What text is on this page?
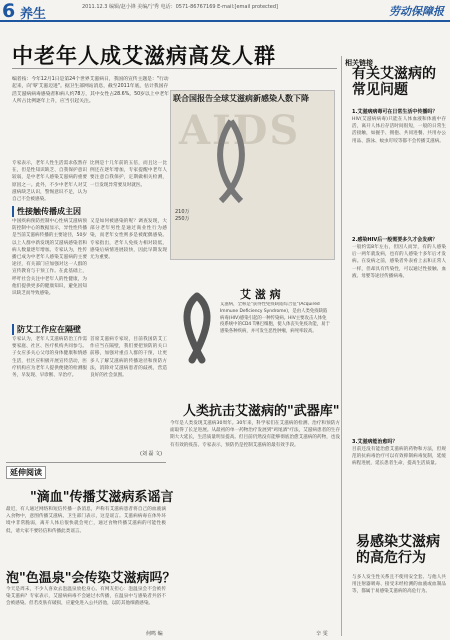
6 养生	2011.12.3 编辑/赵小锋 美编/宁秀 电话：0571-86767169 E-mail:[email protected]	劳动保障报
中老年人成艾滋病高发人群
编者按：今年12月1日是第24个世界艾滋病日，我国的宣传主题是："行动起来，向'零'艾滋迈进"。据卫生部网站消息，截至2011年底，估计我国存活艾滋病病毒感染者和病人约78万，其中女性占28.6%。50岁以上中老年人所占比例逐年上升，应当引起关注。	联合国报告全球艾滋病新感染人数下降
AIDS
210万
250万
专家表示，老年人性生活需求依然存在，但是性知识缺乏、自我保护意识较弱，是中老年人感染艾滋病的重要原因之一。此外，不少中老年人对艾滋病缺乏认识，警惕意识不足，认为自己不会被感染。
比例是十几年前的五倍，而且这一比例还在逐年增加，专家提醒中老年人要注意自我保护，定期做相关检测，一旦发现异常要及时就医。
性接触传播成主因
中国疾病预防控制中心性病艾滋病预防控制中心的数据显示，异性性传播是当前艾滋病传播的主要途径，50岁以上人群中新发现的艾滋病感染者和病人数量逐年增加。专家认为，性传播已成为中老年人感染艾滋病的主要途径，有关部门应加强对这一人群的宣传教育与干预工作。在此基础上，呼吁社会关注中老年人的性健康，为他们提供更多的健康知识，避免因知识缺乏而导致感染。
又是如何被感染的呢？调查发现，大部分老年男性是通过商业性行为感染，而老年女性则多是被配偶感染。专家指出，老年人免疫力相对较低，感染后病情进展较快，因此早期发现尤为重要。
防艾工作应在隔壁
专家认为，老年人艾滋病防治工作需要家庭、社区、医疗机构共同参与。子女应多关心父母的身体健康和情感生活，社区应积极开展宣传活动，医疗机构应为老年人提供便捷的检测服务，早发现、早诊断、早治疗。
首席艾滋病专家说，目前我国防艾工作应当在隔壁，我们要把预防的关口前移，加强对重点人群的干预，让更多人了解艾滋病的传播途径和预防方法，消除对艾滋病患者的歧视，营造良好的社会氛围。
(刘 磊 文)
艾 滋 病
艾滋病，全称是"获得性免疫缺陷综合征"(Acquired Immune Deficiency Syndrome)，是由人类免疫缺陷病毒(HIV)感染引起的一种传染病。HIV主要攻击人体免疫系统中的CD4 T淋巴细胞，使人体丧失免疫功能，易于感染各种疾病，并可发生恶性肿瘤，病死率较高。
人类抗击艾滋病的"武器库"
今年是人类发现艾滋病30周年。30年来，科学家们在艾滋病的检测、治疗和预防方面取得了长足进展。从最初的单一药物治疗发展到"鸡尾酒"疗法，艾滋病患者的生存期大大延长，生活质量明显提高。但目前仍然没有能够彻底治愈艾滋病的药物，也没有有效的疫苗。专家表示，预防仍是控制艾滋病的最有效手段。
辛 雯
相关链接
有关艾滋病的常见问题
1.艾滋病病毒可在日常生活中传播吗？
HIV(艾滋病病毒)只能在人体血液和体液中存活，离开人体后存活时间很短，一般的日常生活接触，如握手、拥抱、共同进餐、共用办公用品、游泳、蚊虫叮咬等都不会传播艾滋病。
2.感染HIV后一般需要多久才会发病？
一般约需8年左右，但因人而异，有的人感染后一两年就发病，也有的人感染十多年后才发病。在发病之前，感染者外表看上去和正常人一样，但却具有传染性，可以通过性接触、血液、母婴等途径传播病毒。
3.艾滋病能治愈吗？
目前还没有能治愈艾滋病的药物和方法，但规范的抗病毒治疗可以有效抑制病毒复制，延缓病程进展，延长患者生命，提高生活质量。
易感染艾滋病的高危行为
与多人发生性关系且不使用安全套、与他人共用注射器吸毒、接受未经检测的血液或血制品等，都属于易感染艾滋病的高危行为。
延伸阅读
"滴血"传播艾滋病系谣言
最近，有人通过网络和短信传播一条消息，声称有艾滋病患者将自己的血液滴入食物中，意图传播艾滋病。卫生部门表示，这是谣言。艾滋病病毒在体外环境中非常脆弱，离开人体后很快就会死亡，通过食物传播艾滋病的可能性极低，请大家不要轻信和传播此类谣言。
泡"色温泉"会传染艾滋病吗？
今天是周末，不少人喜欢去泡温泉放松身心。有网友担心：泡温泉会不会被传染艾滋病？专家表示，艾滋病病毒不会通过水传播，在温泉中与感染者共浴不会被感染。但若皮肤有破损，应避免进入公共浴池，以防其他细菌感染。
何鸣 编
